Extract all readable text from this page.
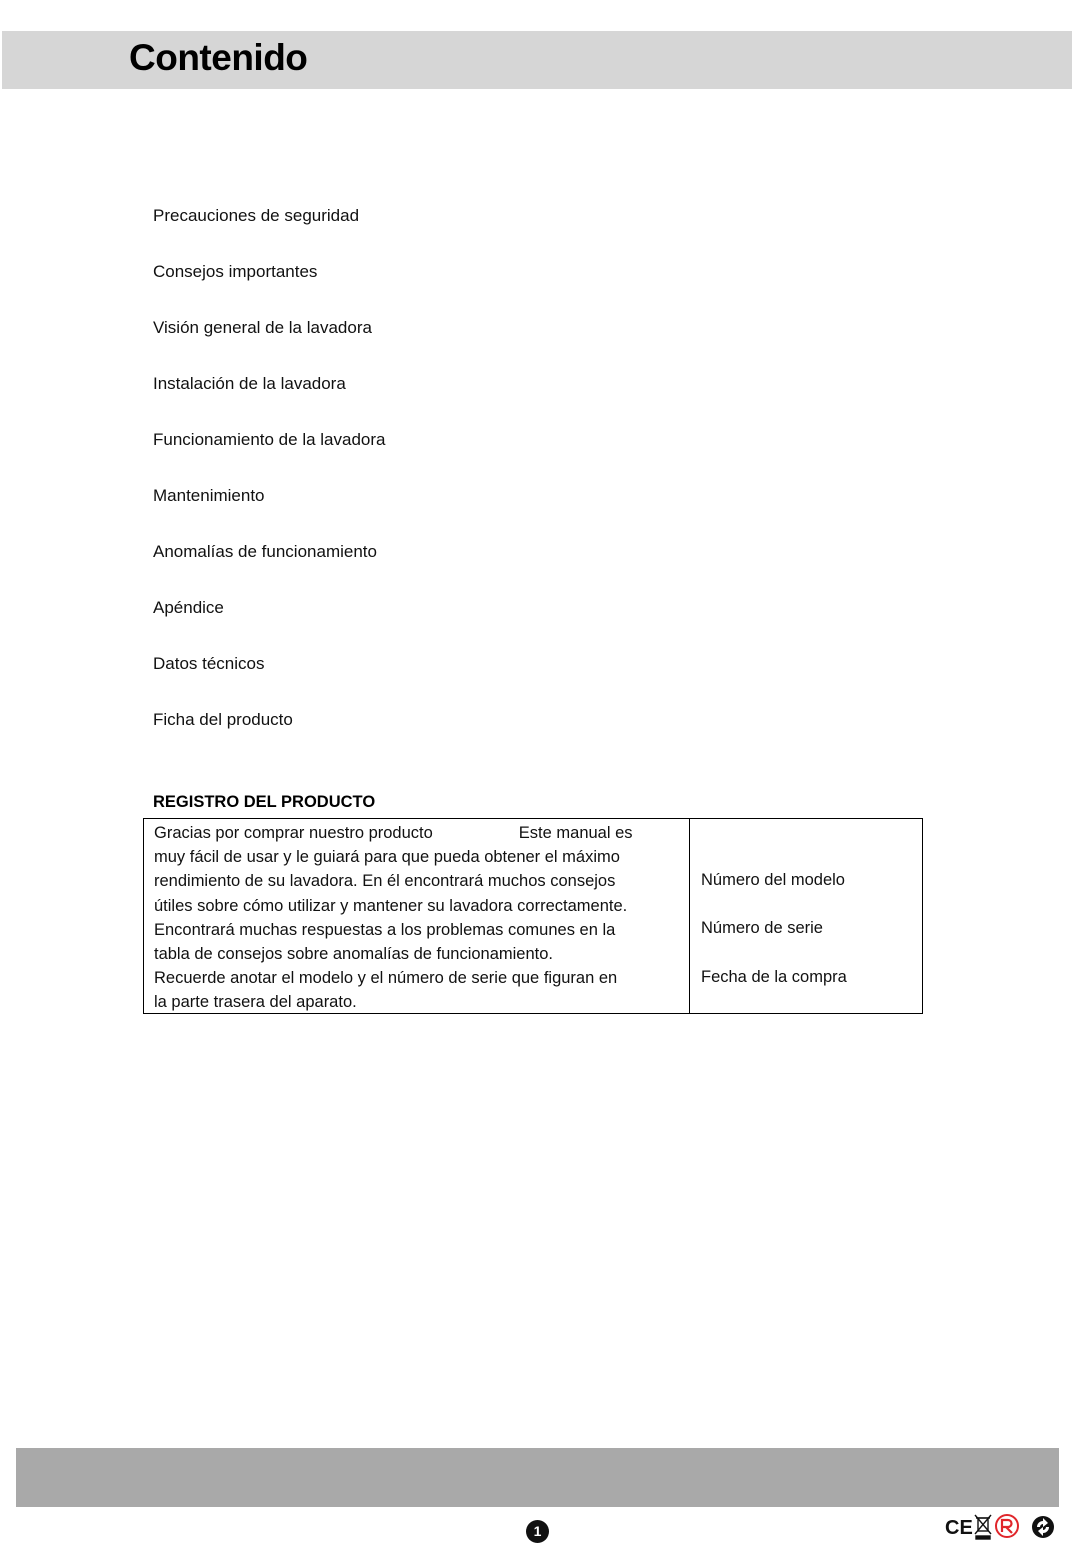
Contenido
Precauciones de seguridad
Consejos importantes
Visión general de la lavadora
Instalación de la lavadora
Funcionamiento de la lavadora
Mantenimiento
Anomalías de funcionamiento
Apéndice
Datos técnicos
Ficha del producto
REGISTRO DEL PRODUCTO
Gracias por comprar nuestro producto	Este manual es
muy fácil de usar y le guiará para que pueda obtener el máximo
rendimiento de su lavadora. En él encontrará muchos consejos
útiles sobre cómo utilizar y mantener su lavadora correctamente.
Encontrará muchas respuestas a los problemas comunes en la
tabla de consejos sobre anomalías de funcionamiento.
Recuerde anotar el modelo y el número de serie que figuran en
la parte trasera del aparato.
Número del modelo
Número de serie
Fecha de la compra
1	CE
